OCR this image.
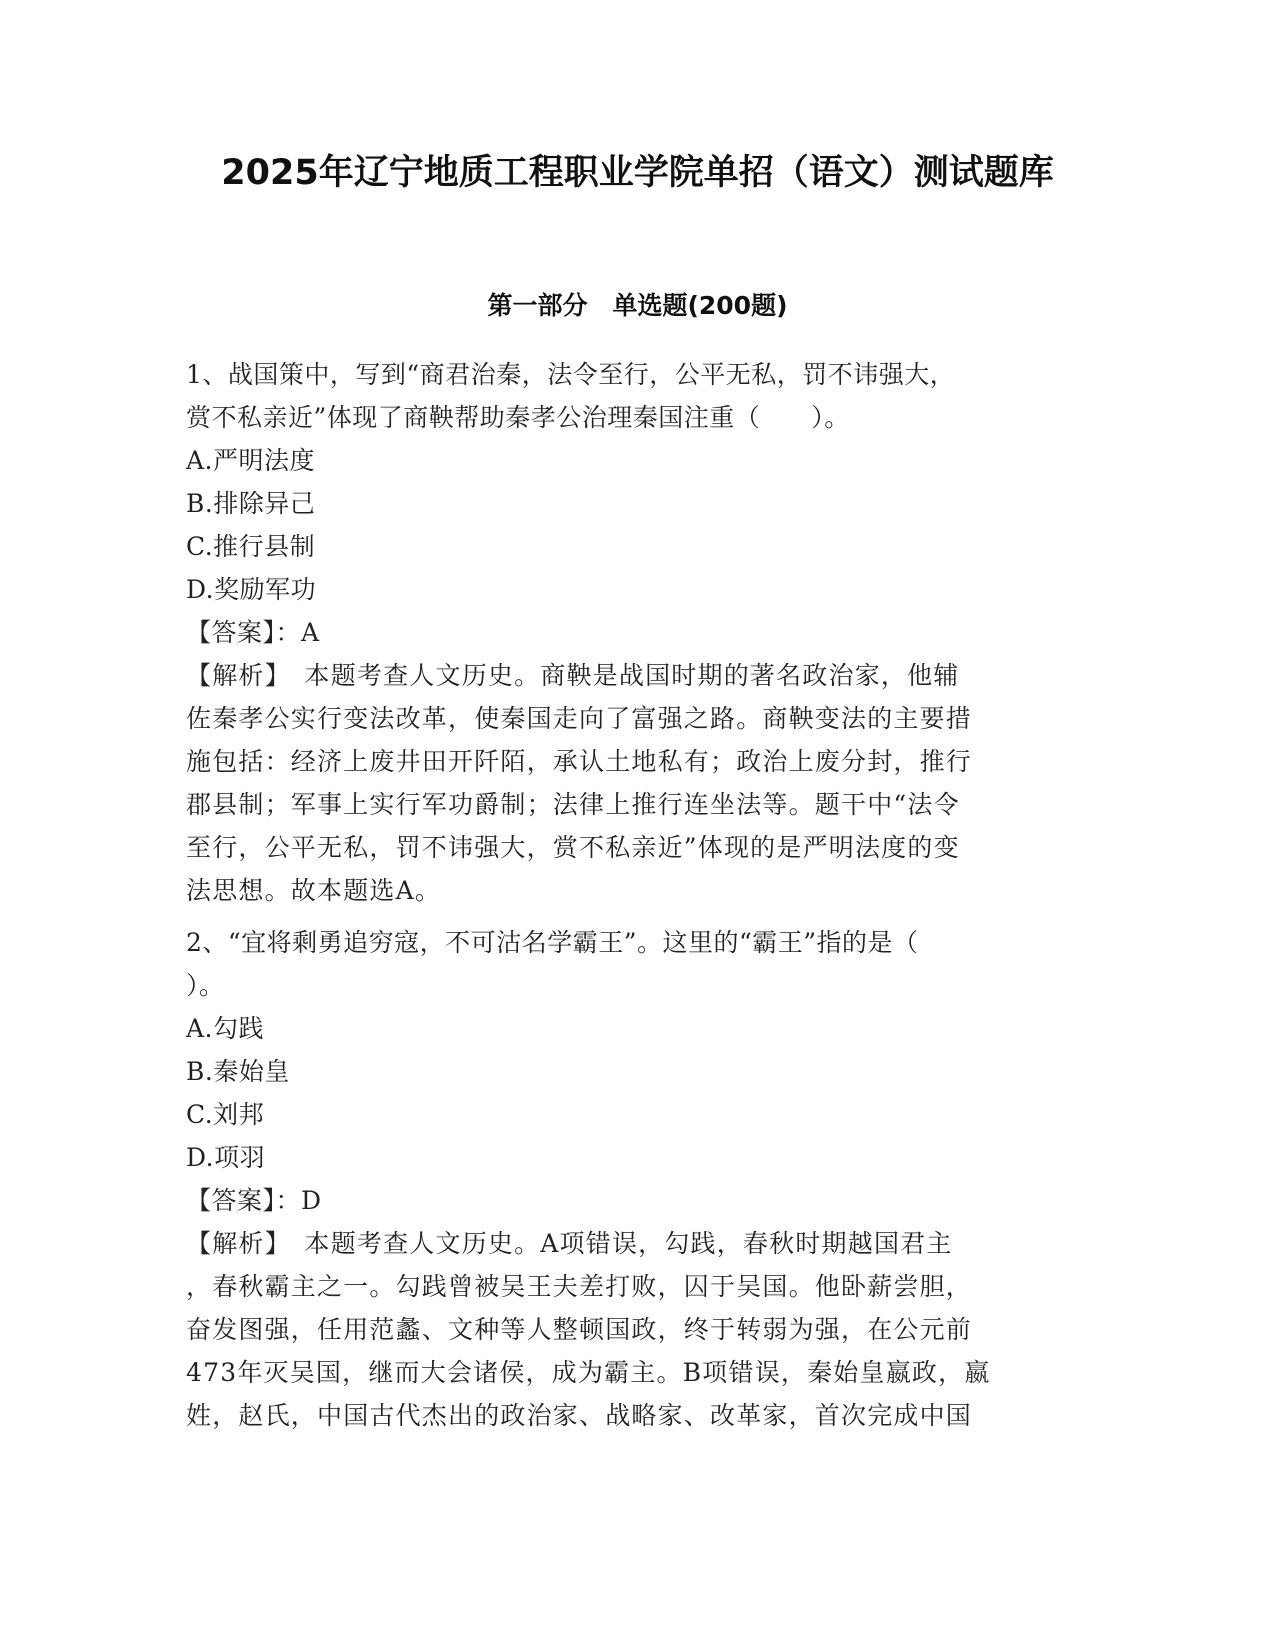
2025年辽宁地质工程职业学院单招（语文）测试题库
第一部分　单选题(200题)
1、战国策中，写到“商君治秦，法令至行，公平无私，罚不讳强大，
赏不私亲近”体现了商鞅帮助秦孝公治理秦国注重（　　）。
A.严明法度
B.排除异己
C.推行县制
D.奖励军功
【答案】：A
【解析】　本题考查人文历史。商鞅是战国时期的著名政治家，他辅
佐秦孝公实行变法改革，使秦国走向了富强之路。商鞅变法的主要措
施包括：经济上废井田开阡陌，承认土地私有；政治上废分封，推行
郡县制；军事上实行军功爵制；法律上推行连坐法等。题干中“法令
至行，公平无私，罚不讳强大，赏不私亲近”体现的是严明法度的变
法思想。故本题选A。
2、“宜将剩勇追穷寇，不可沽名学霸王”。这里的“霸王”指的是（
）。
A.勾践
B.秦始皇
C.刘邦
D.项羽
【答案】：D
【解析】　本题考查人文历史。A项错误，勾践，春秋时期越国君主
，春秋霸主之一。勾践曾被吴王夫差打败，囚于吴国。他卧薪尝胆，
奋发图强，任用范蠡、文种等人整顿国政，终于转弱为强，在公元前
473年灭吴国，继而大会诸侯，成为霸主。B项错误，秦始皇嬴政，嬴
姓，赵氏，中国古代杰出的政治家、战略家、改革家，首次完成中国
